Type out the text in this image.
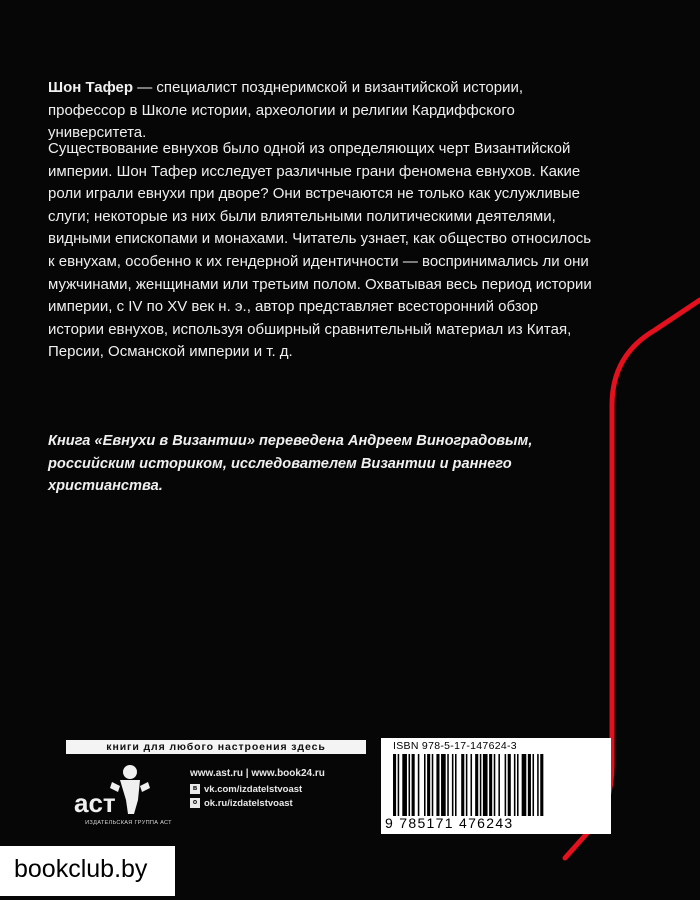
Шон Тафер — специалист позднеримской и византийской истории, профессор в Школе истории, археологии и религии Кардиффского университета.
Существование евнухов было одной из определяющих черт Византийской империи. Шон Тафер исследует различные грани феномена евнухов. Какие роли играли евнухи при дворе? Они встречаются не только как услужливые слуги; некоторые из них были влиятельными политическими деятелями, видными епископами и монахами. Читатель узнает, как общество относилось к евнухам, особенно к их гендерной идентичности — воспринимались ли они мужчинами, женщинами или третьим полом. Охватывая весь период истории империи, с IV по XV век н. э., автор представляет всесторонний обзор истории евнухов, используя обширный сравнительный материал из Китая, Персии, Османской империи и т. д.
Книга «Евнухи в Византии» переведена Андреем Виноградовым, российским историком, исследователем Византии и раннего христианства.
книги для любого настроения здесь
аст
ИЗДАТЕЛЬСКАЯ ГРУППА АСТ
www.ast.ru | www.book24.ru
в vk.com/izdatelstvoast
о ok.ru/izdatelstvoast
ISBN 978-5-17-147624-3
9 785171 476243
bookclub.by
